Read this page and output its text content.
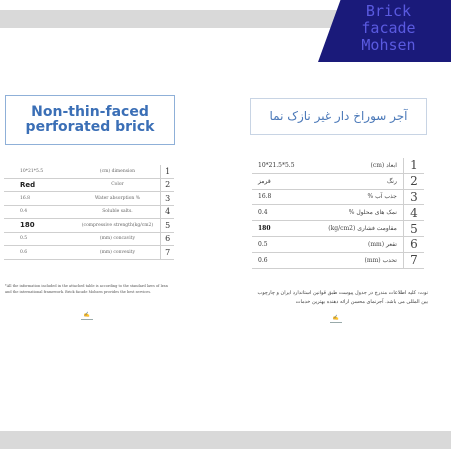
Brick
facade
Mohsen
Non-thin-faced perforated brick
10*21*5.5	(cm) dimension	1
Red	Color	2
16.8	Water absorption %	3
0.4	Soluble salts.	4
180	(compressive strength(kg/cm2)	5
0.5	(mm) concavity	6
0.6	(mm) convexity	7
*All the information included in the attached table is according to the standard laws of Iran and the international framework. Brick facade Mohsen provides the best services.
✍
آجر سوراخ دار غیر نازک نما
10*21.5*5.5	ابعاد (cm)	1
قرمز	رنگ	2
16.8	جذب آب %	3
0.4	نمک های محلول %	4
180	مقاومت فشاری (kg/cm2)	5
0.5	تقعر (mm)	6
0.6	تحدب (mm)	7
نوت: کلیه اطلاعات مندرج در جدول پیوست طبق قوانین استاندارد ایران و چارچوب بین المللی می باشد. آجرنمای محسن ارائه دهنده بهترین خدمات
✍
